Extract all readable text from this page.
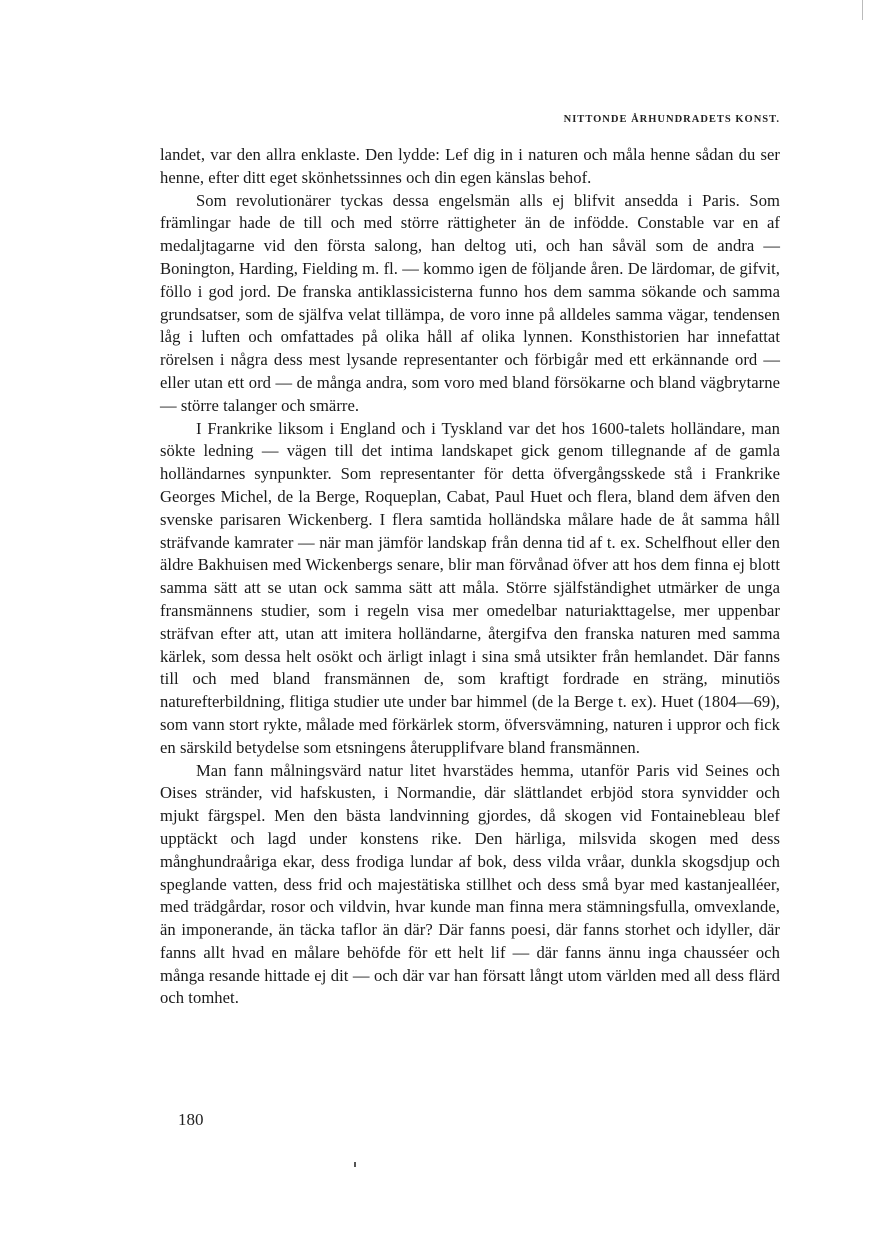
NITTONDE ÅRHUNDRADETS KONST.

landet, var den allra enklaste. Den lydde: Lef dig in i naturen och måla henne sådan du ser henne, efter ditt eget skönhetssinnes och din egen känslas behof.

Som revolutionärer tyckas dessa engelsmän alls ej blifvit ansedda i Paris. Som främlingar hade de till och med större rättigheter än de infödde. Constable var en af medaljtagarne vid den första salong, han deltog uti, och han såväl som de andra — Bonington, Harding, Fielding m. fl. — kommo igen de följande åren. De lärdomar, de gifvit, föllo i god jord. De franska antiklassicisterna funno hos dem samma sökande och samma grundsatser, som de själfva velat tillämpa, de voro inne på alldeles samma vägar, tendensen låg i luften och omfattades på olika håll af olika lynnen. Konsthistorien har innefattat rörelsen i några dess mest lysande representanter och förbigår med ett erkännande ord — eller utan ett ord — de många andra, som voro med bland försökarne och bland vägbrytarne — större talanger och smärre.

I Frankrike liksom i England och i Tyskland var det hos 1600-talets holländare, man sökte ledning — vägen till det intima landskapet gick genom tillegnande af de gamla holländarnes synpunkter. Som representanter för detta öfvergångsskede stå i Frankrike Georges Michel, de la Berge, Roqueplan, Cabat, Paul Huet och flera, bland dem äfven den svenske parisaren Wickenberg. I flera samtida holländska målare hade de åt samma håll sträfvande kamrater — när man jämför landskap från denna tid af t. ex. Schelfhout eller den äldre Bakhuisen med Wickenbergs senare, blir man förvånad öfver att hos dem finna ej blott samma sätt att se utan ock samma sätt att måla. Större själfständighet utmärker de unga fransmännens studier, som i regeln visa mer omedelbar naturiakttagelse, mer uppenbar sträfvan efter att, utan att imitera holländarne, återgifva den franska naturen med samma kärlek, som dessa helt osökt och ärligt inlagt i sina små utsikter från hemlandet. Där fanns till och med bland fransmännen de, som kraftigt fordrade en sträng, minutiös naturefterbildning, flitiga studier ute under bar himmel (de la Berge t. ex). Huet (1804—69), som vann stort rykte, målade med förkärlek storm, öfversvämning, naturen i uppror och fick en särskild betydelse som etsningens återupplifvare bland fransmännen.

Man fann målningsvärd natur litet hvarstädes hemma, utanför Paris vid Seines och Oises stränder, vid hafskusten, i Normandie, där slättlandet erbjöd stora synvidder och mjukt färgspel. Men den bästa landvinning gjordes, då skogen vid Fontainebleau blef upptäckt och lagd under konstens rike. Den härliga, milsvida skogen med dess månghundraåriga ekar, dess frodiga lundar af bok, dess vilda vråar, dunkla skogsdjup och speglande vatten, dess frid och majestätiska stillhet och dess små byar med kastanjealléer, med trädgårdar, rosor och vildvin, hvar kunde man finna mera stämningsfulla, omvexlande, än imponerande, än täcka taflor än där? Där fanns poesi, där fanns storhet och idyller, där fanns allt hvad en målare behöfde för ett helt lif — där fanns ännu inga chausséer och många resande hittade ej dit — och där var han försatt långt utom världen med all dess flärd och tomhet.

180
